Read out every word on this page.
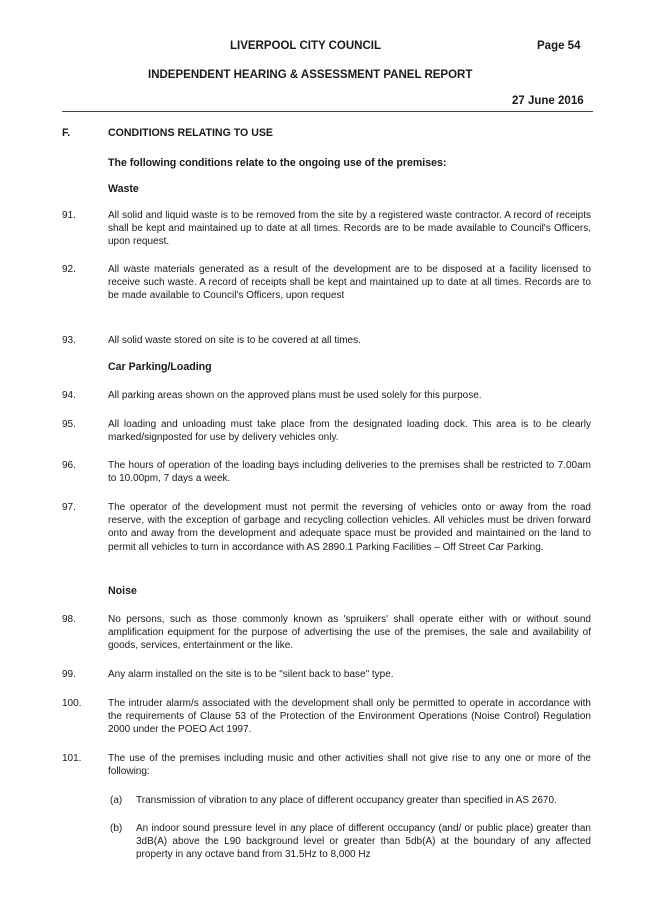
LIVERPOOL CITY COUNCIL	Page 54
INDEPENDENT HEARING & ASSESSMENT PANEL REPORT
27 June 2016
F.	CONDITIONS RELATING TO USE
The following conditions relate to the ongoing use of the premises:
Waste
91.	All solid and liquid waste is to be removed from the site by a registered waste contractor. A record of receipts shall be kept and maintained up to date at all times. Records are to be made available to Council's Officers, upon request.
92.	All waste materials generated as a result of the development are to be disposed at a facility licensed to receive such waste. A record of receipts shall be kept and maintained up to date at all times. Records are to be made available to Council's Officers, upon request
93.	All solid waste stored on site is to be covered at all times.
Car Parking/Loading
94.	All parking areas shown on the approved plans must be used solely for this purpose.
95.	All loading and unloading must take place from the designated loading dock. This area is to be clearly marked/signposted for use by delivery vehicles only.
96.	The hours of operation of the loading bays including deliveries to the premises shall be restricted to 7.00am to 10.00pm, 7 days a week.
97.	The operator of the development must not permit the reversing of vehicles onto or away from the road reserve, with the exception of garbage and recycling collection vehicles. All vehicles must be driven forward onto and away from the development and adequate space must be provided and maintained on the land to permit all vehicles to turn in accordance with AS 2890.1 Parking Facilities – Off Street Car Parking.
Noise
98.	No persons, such as those commonly known as 'spruikers' shall operate either with or without sound amplification equipment for the purpose of advertising the use of the premises, the sale and availability of goods, services, entertainment or the like.
99.	Any alarm installed on the site is to be "silent back to base" type.
100.	The intruder alarm/s associated with the development shall only be permitted to operate in accordance with the requirements of Clause 53 of the Protection of the Environment Operations (Noise Control) Regulation 2000 under the POEO Act 1997.
101.	The use of the premises including music and other activities shall not give rise to any one or more of the following:
(a) Transmission of vibration to any place of different occupancy greater than specified in AS 2670.
(b) An indoor sound pressure level in any place of different occupancy (and/ or public place) greater than 3dB(A) above the L90 background level or greater than 5db(A) at the boundary of any affected property in any octave band from 31.5Hz to 8,000 Hz
